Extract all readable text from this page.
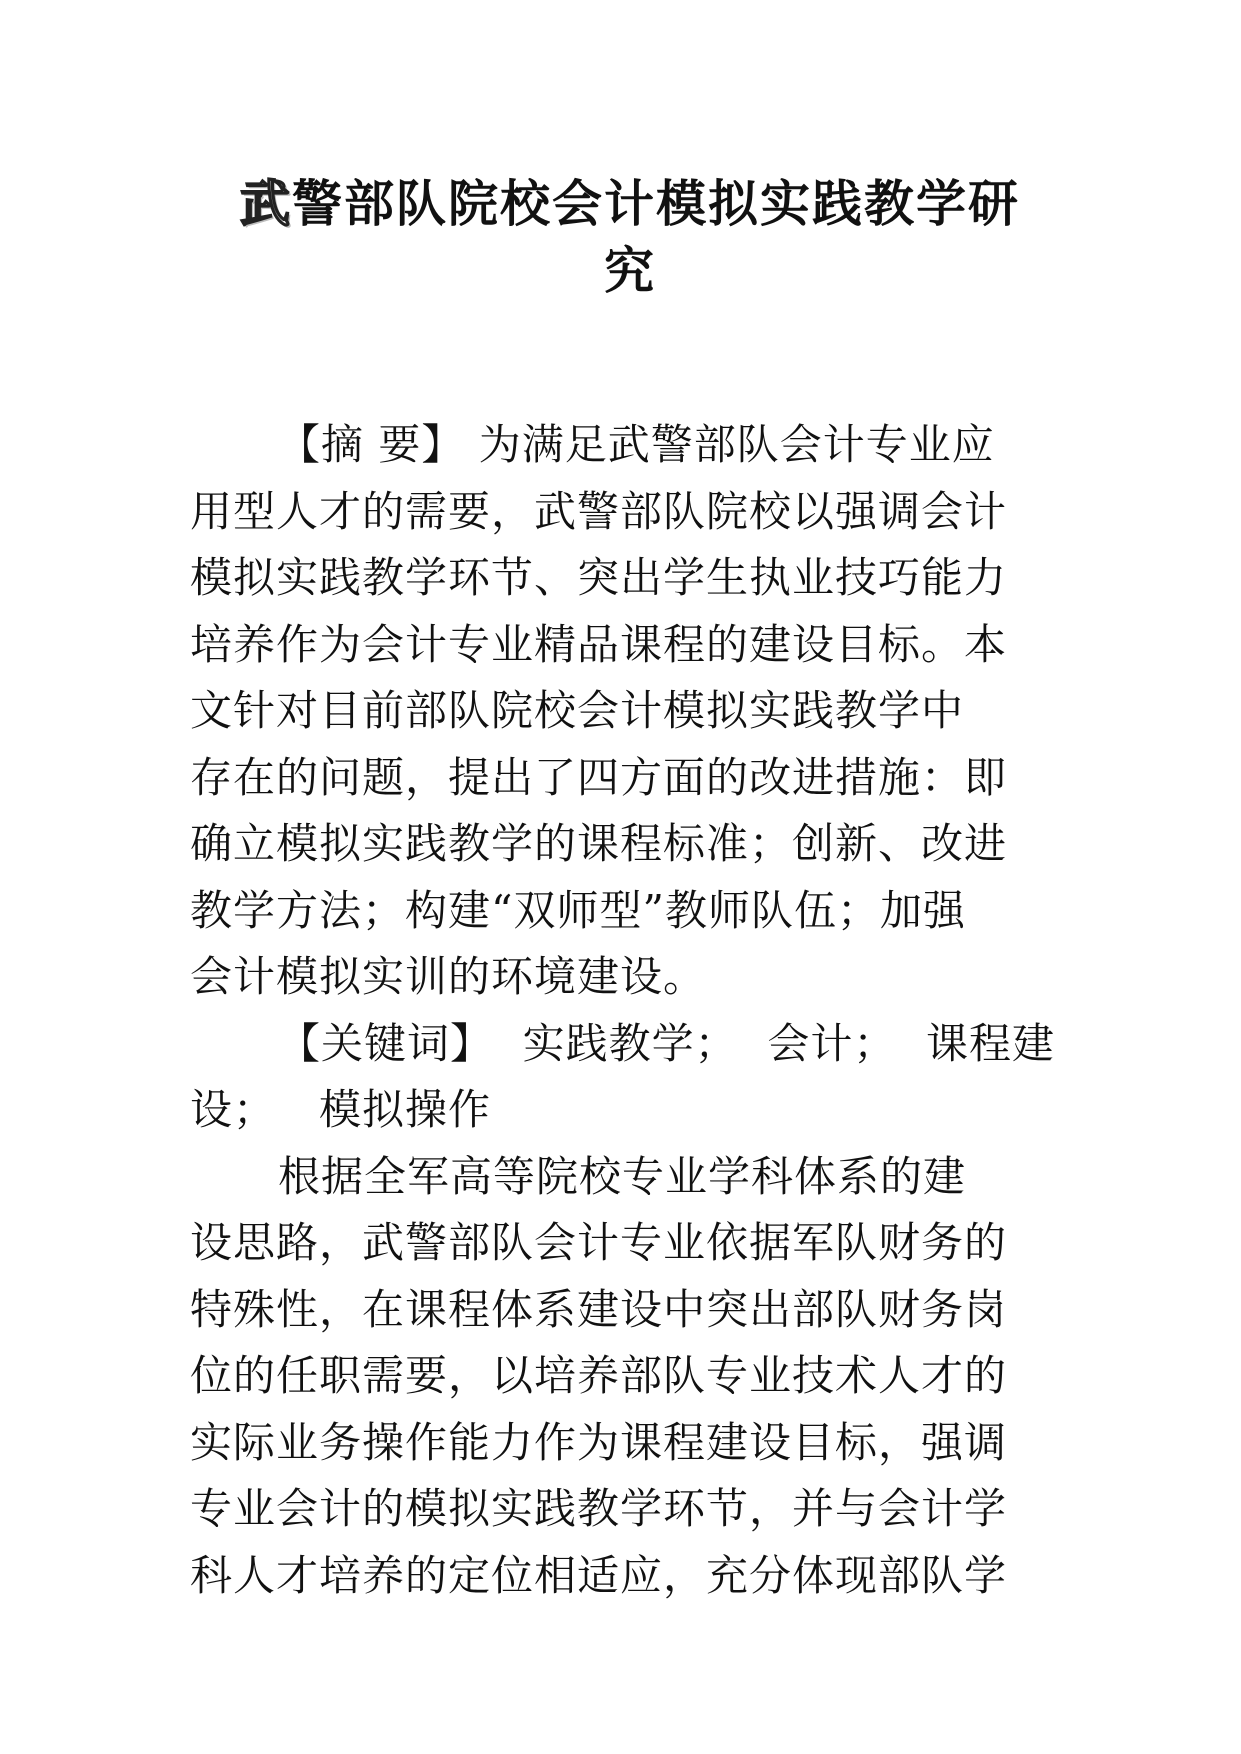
武警部队院校会计模拟实践教学研
究
【摘 要】 为满足武警部队会计专业应
用型人才的需要，武警部队院校以强调会计
模拟实践教学环节、突出学生执业技巧能力
培养作为会计专业精品课程的建设目标。本
文针对目前部队院校会计模拟实践教学中
存在的问题，提出了四方面的改进措施：即
确立模拟实践教学的课程标准；创新、改进
教学方法；构建“双师型”教师队伍；加强
会计模拟实训的环境建设。
【关键词】 实践教学； 会计； 课程建
设；   模拟操作
根据全军高等院校专业学科体系的建
设思路，武警部队会计专业依据军队财务的
特殊性，在课程体系建设中突出部队财务岗
位的任职需要，以培养部队专业技术人才的
实际业务操作能力作为课程建设目标，强调
专业会计的模拟实践教学环节，并与会计学
科人才培养的定位相适应，充分体现部队学
